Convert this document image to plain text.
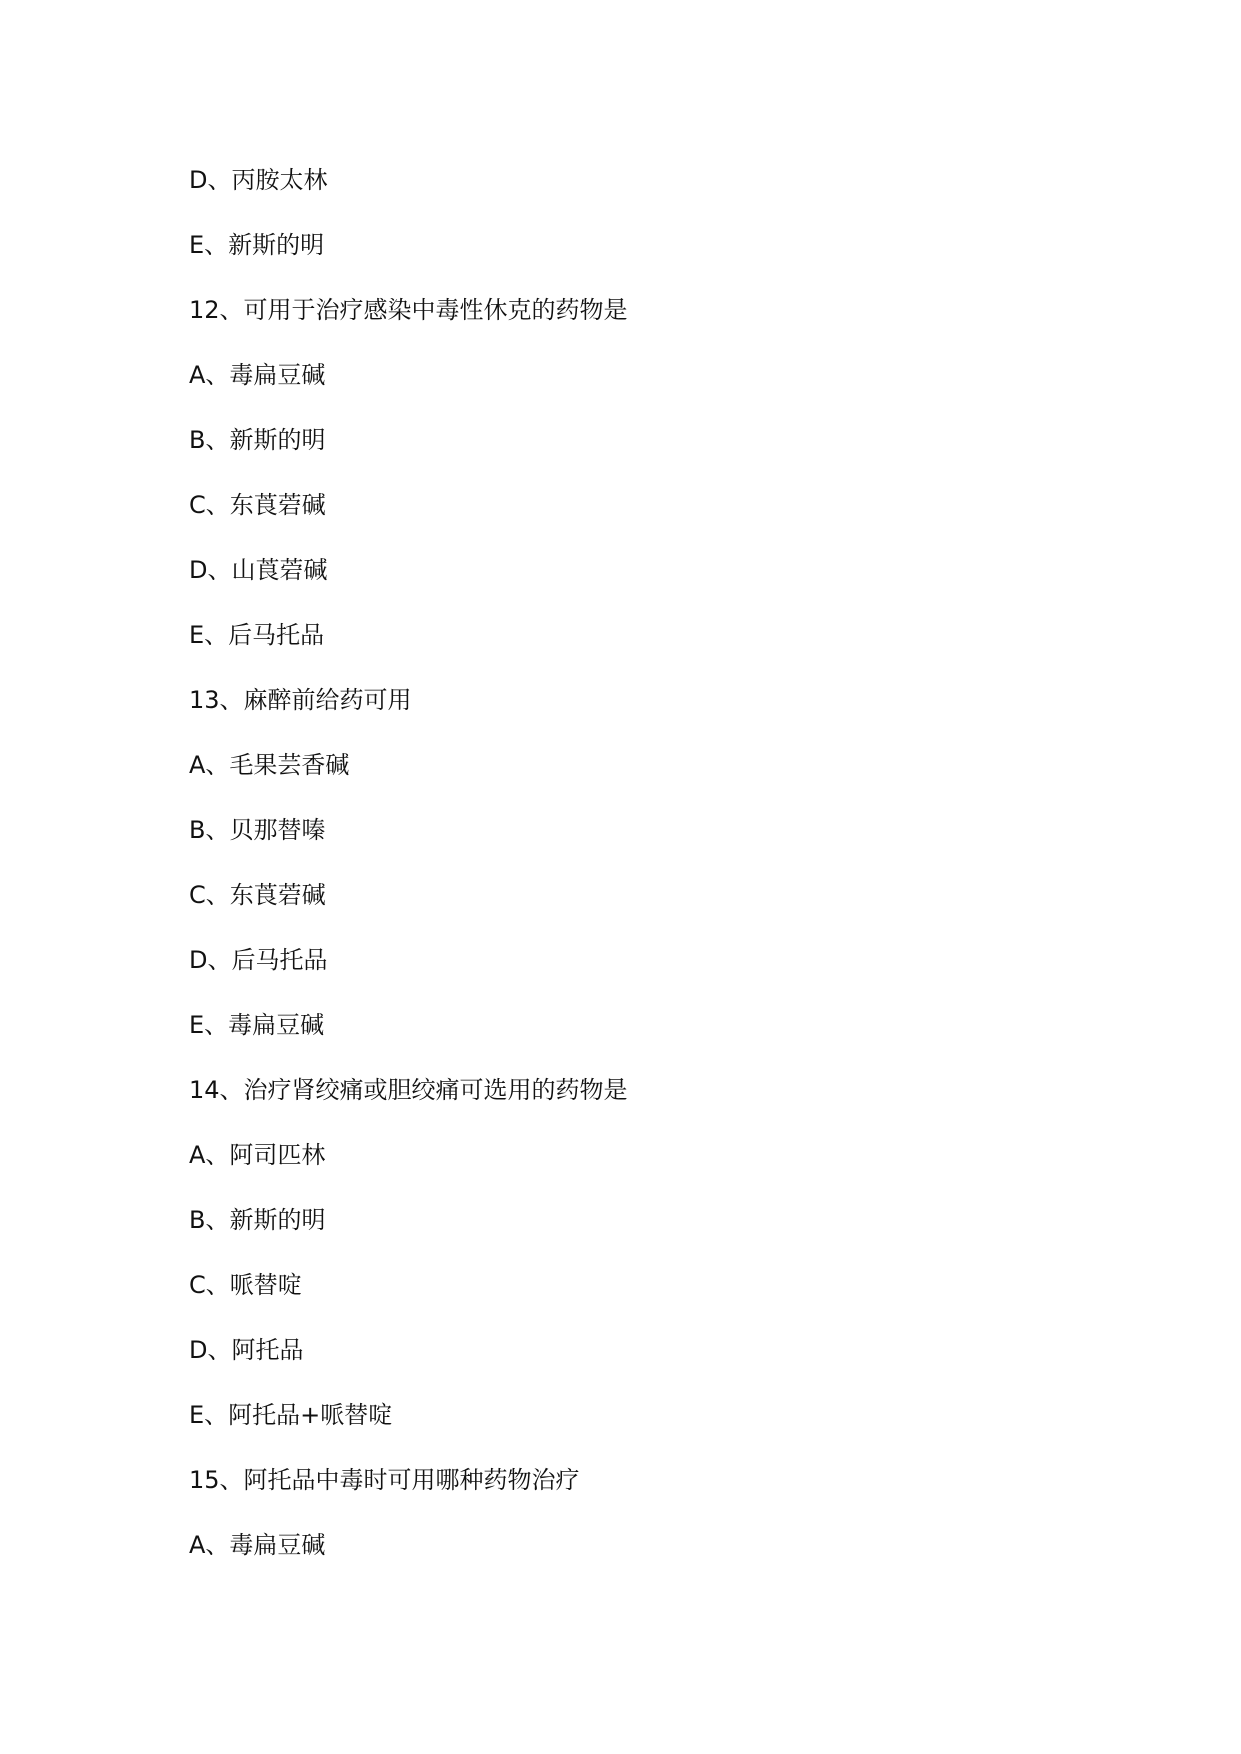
D、丙胺太林
E、新斯的明
12、可用于治疗感染中毒性休克的药物是
A、毒扁豆碱
B、新斯的明
C、东莨菪碱
D、山莨菪碱
E、后马托品
13、麻醉前给药可用
A、毛果芸香碱
B、贝那替嗪
C、东莨菪碱
D、后马托品
E、毒扁豆碱
14、治疗肾绞痛或胆绞痛可选用的药物是
A、阿司匹林
B、新斯的明
C、哌替啶
D、阿托品
E、阿托品+哌替啶
15、阿托品中毒时可用哪种药物治疗
A、毒扁豆碱
